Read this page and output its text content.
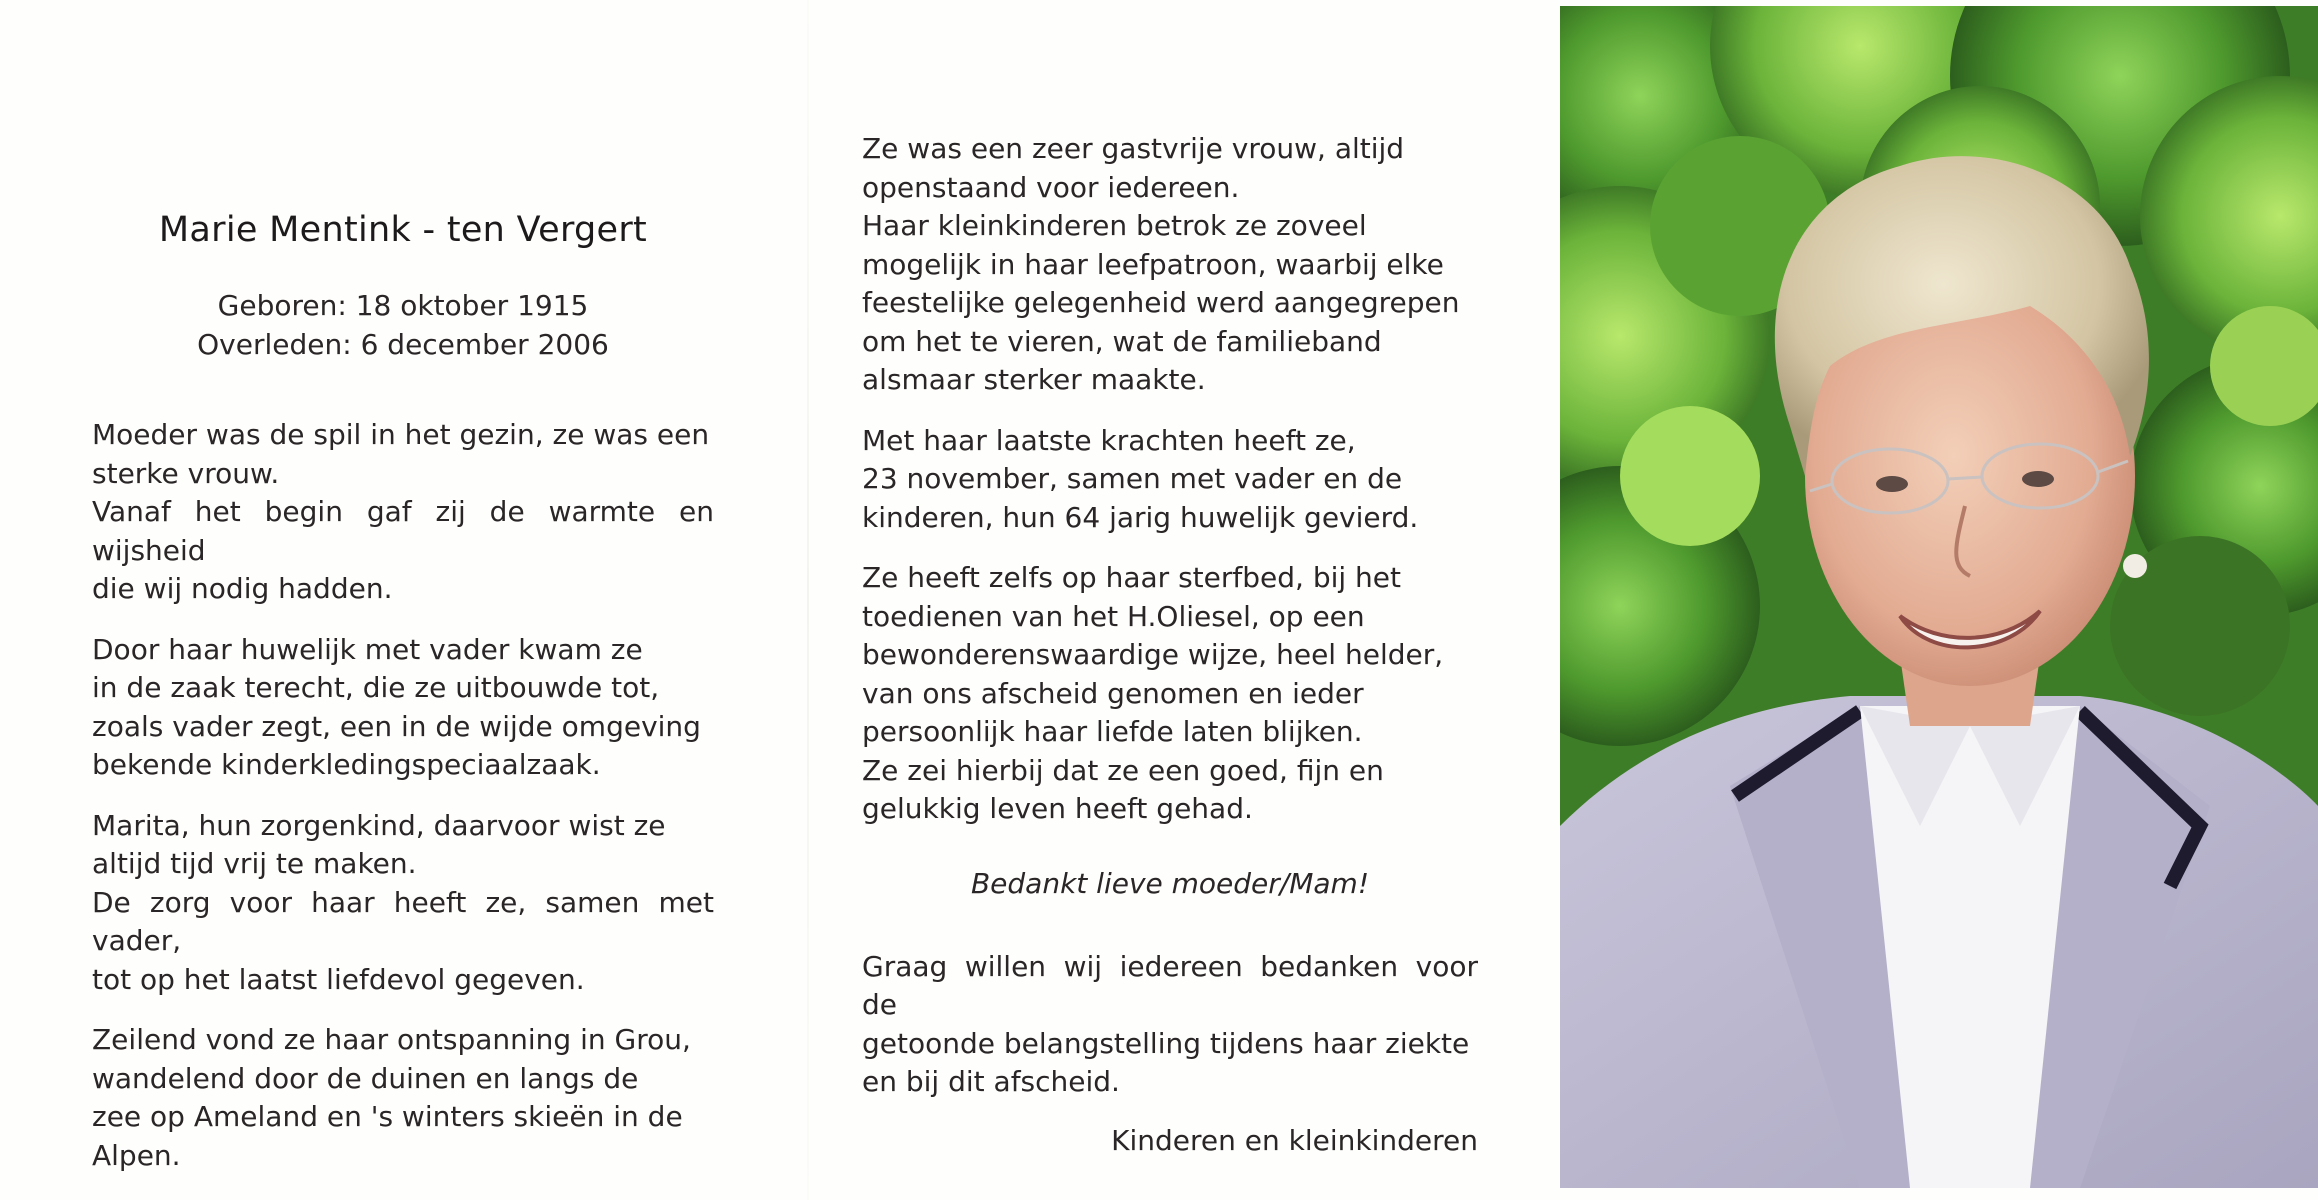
Marie Mentink - ten Vergert
Geboren: 18 oktober 1915
Overleden: 6 december 2006

Moeder was de spil in het gezin, ze was een
sterke vrouw.
Vanaf het begin gaf zij de warmte en wijsheid
die wij nodig hadden.

Door haar huwelijk met vader kwam ze
in de zaak terecht, die ze uitbouwde tot,
zoals vader zegt, een in de wijde omgeving
bekende kinderkledingspeciaalzaak.

Marita, hun zorgenkind, daarvoor wist ze
altijd tijd vrij te maken.
De zorg voor haar heeft ze, samen met vader,
tot op het laatst liefdevol gegeven.

Zeilend vond ze haar ontspanning in Grou,
wandelend door de duinen en langs de
zee op Ameland en 's winters skieën in de
Alpen.

Ze was een zeer gastvrije vrouw, altijd
openstaand voor iedereen.
Haar kleinkinderen betrok ze zoveel
mogelijk in haar leefpatroon, waarbij elke
feestelijke gelegenheid werd aangegrepen
om het te vieren, wat de familieband
alsmaar sterker maakte.

Met haar laatste krachten heeft ze,
23 november, samen met vader en de
kinderen, hun 64 jarig huwelijk gevierd.

Ze heeft zelfs op haar sterfbed, bij het
toedienen van het H.Oliesel, op een
bewonderenswaardige wijze, heel helder,
van ons afscheid genomen en ieder
persoonlijk haar liefde laten blijken.
Ze zei hierbij dat ze een goed, fijn en
gelukkig leven heeft gehad.

Bedankt lieve moeder/Mam!

Graag willen wij iedereen bedanken voor de
getoonde belangstelling tijdens haar ziekte
en bij dit afscheid.

Kinderen en kleinkinderen
